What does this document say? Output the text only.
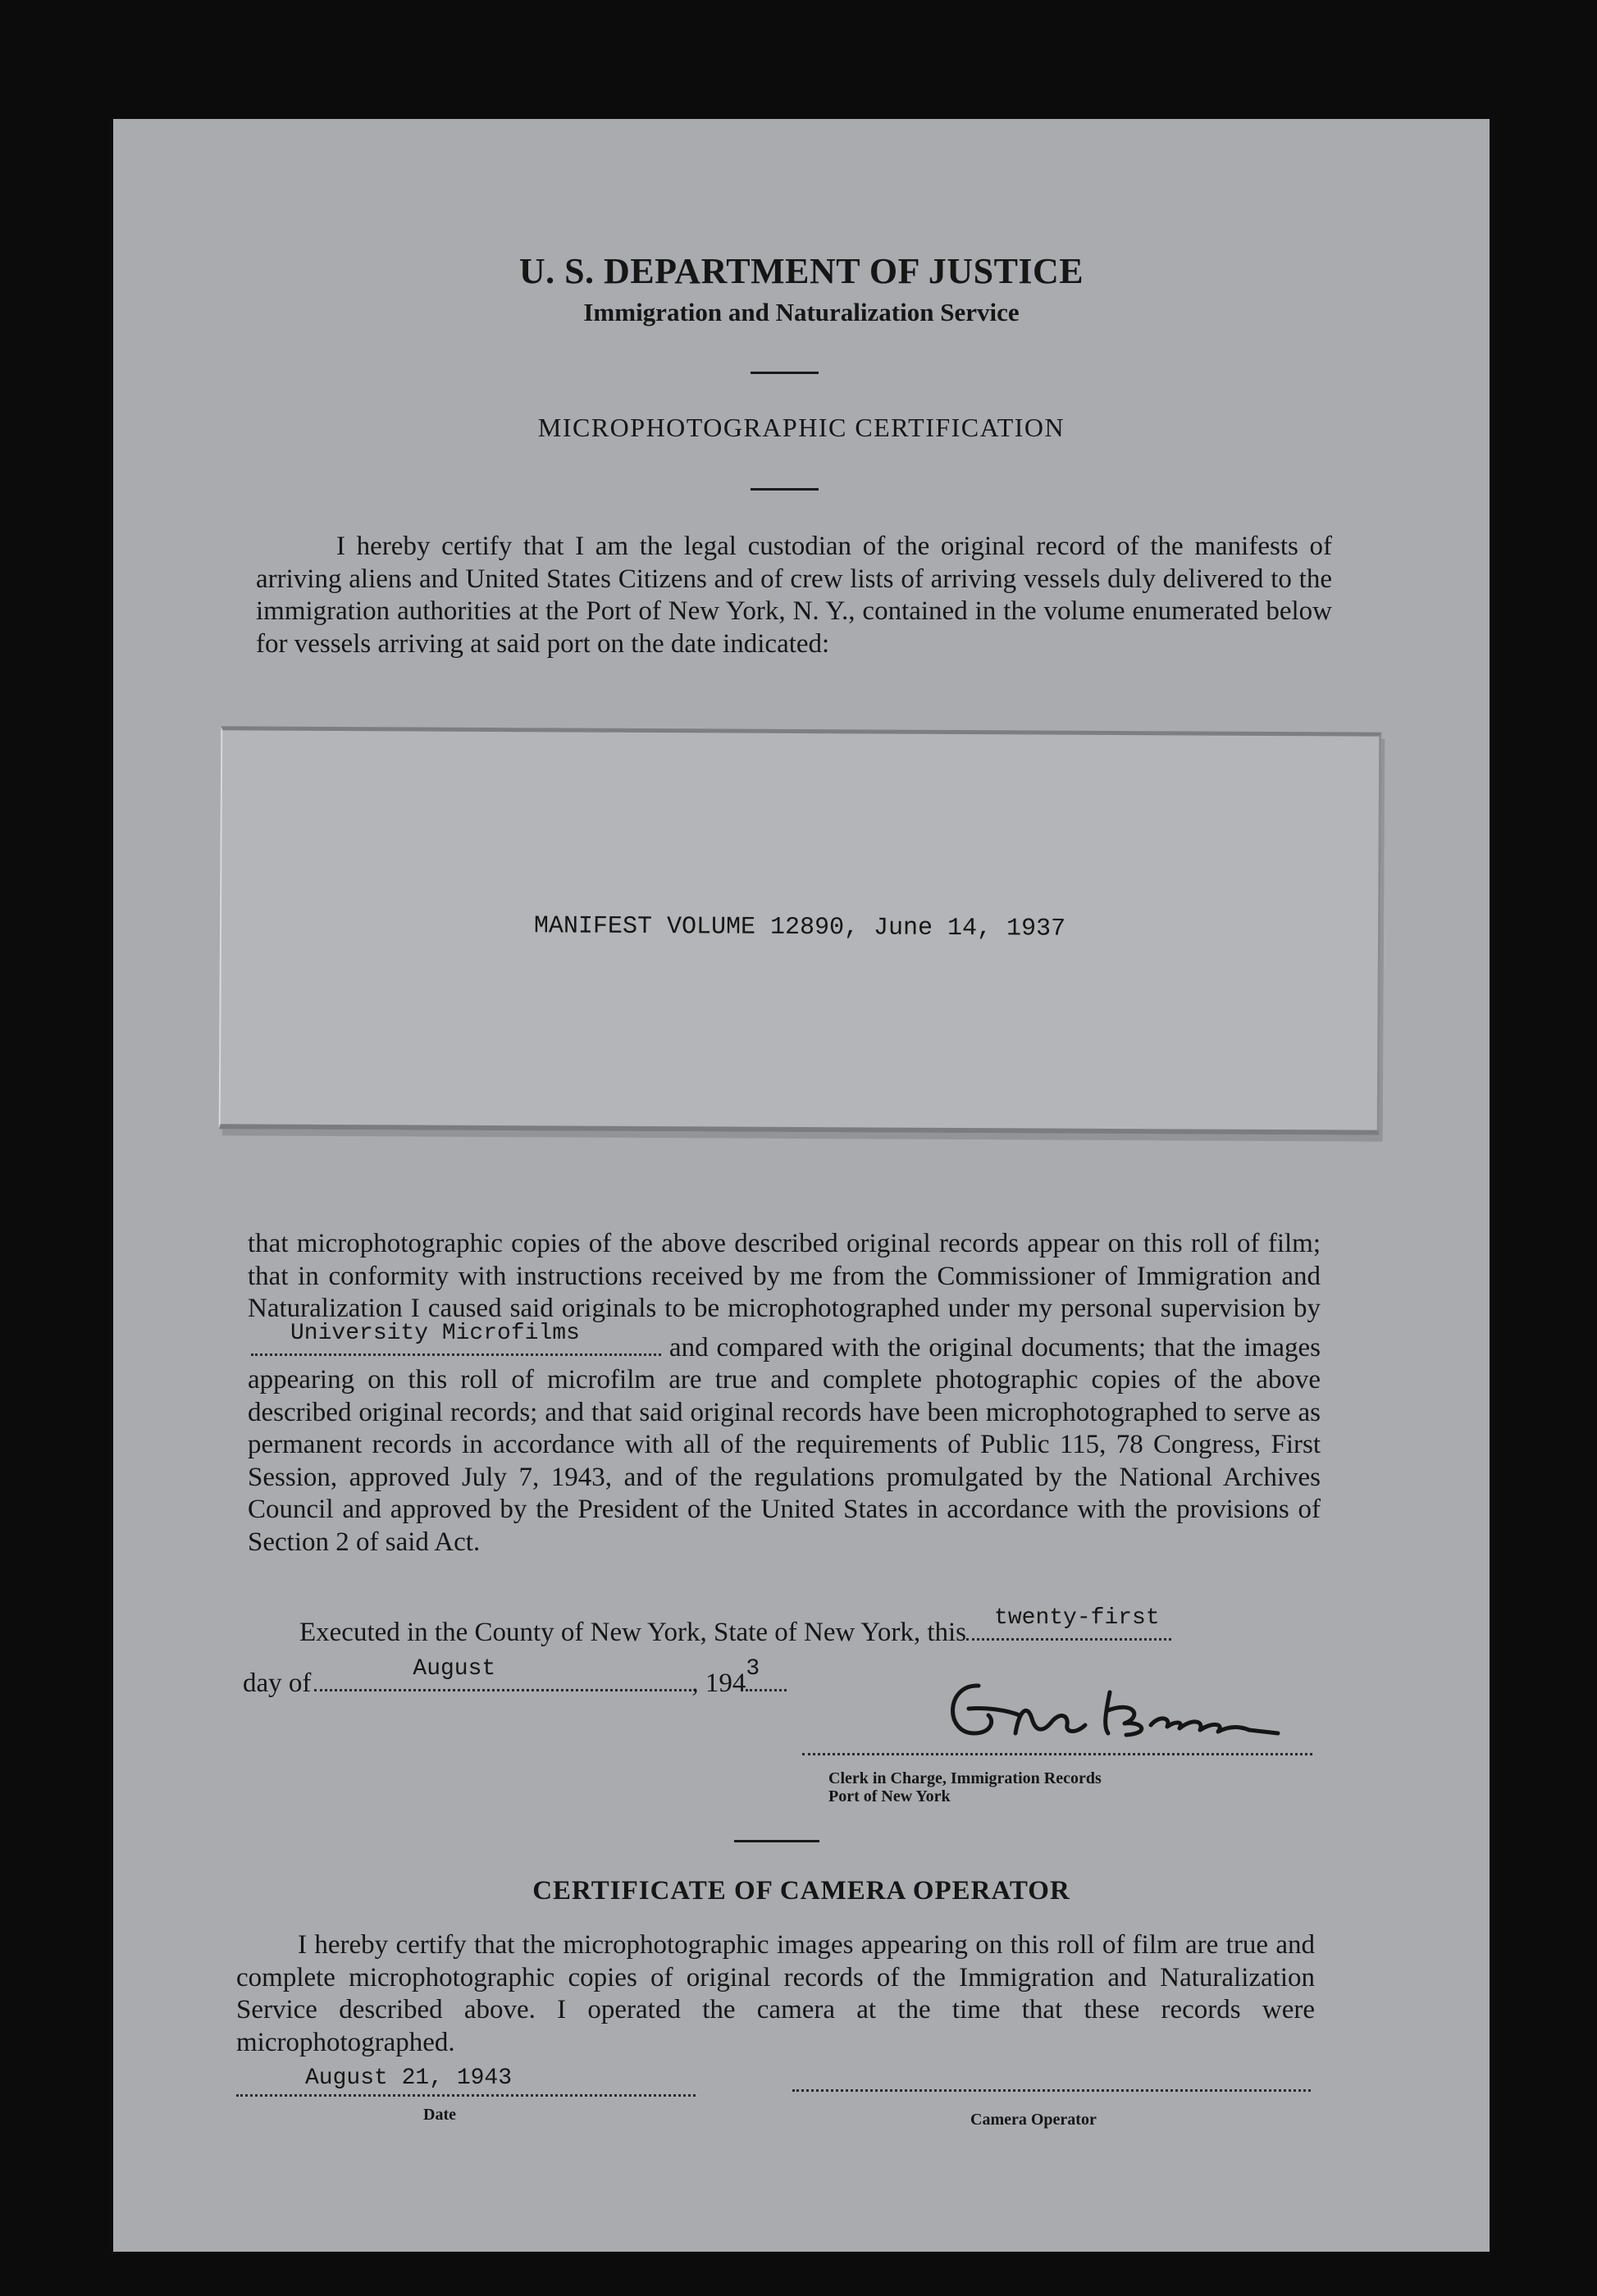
U. S. DEPARTMENT OF JUSTICE
Immigration and Naturalization Service
MICROPHOTOGRAPHIC CERTIFICATION

I hereby certify that I am the legal custodian of the original record of the manifests of arriving aliens and United States Citizens and of crew lists of arriving vessels duly delivered to the immigration authorities at the Port of New York, N. Y., contained in the volume enumerated below for vessels arriving at said port on the date indicated:

MANIFEST VOLUME 12890, June 14, 1937

that microphotographic copies of the above described original records appear on this roll of film; that in conformity with instructions received by me from the Commissioner of Immigration and Naturalization I caused said originals to be microphotographed under my personal supervision by
University Microfilms	and compared with the original documents; that the images appearing on this roll of microfilm are true and complete photographic copies of the above described original records; and that said original records have been microphotographed to serve as permanent records in accordance with all of the requirements of Public 115, 78 Congress, First Session, approved July 7, 1943, and of the regulations promulgated by the National Archives Council and approved by the President of the United States in accordance with the provisions of Section 2 of said Act.

Executed in the County of New York, State of New York, this twenty-first
day of	August	, 194 3
Clerk in Charge, Immigration Records
Port of New York
CERTIFICATE OF CAMERA OPERATOR

I hereby certify that the microphotographic images appearing on this roll of film are true and complete microphotographic copies of original records of the Immigration and Naturalization Service described above. I operated the camera at the time that these records were microphotographed.

August 21, 1943
Date	Camera Operator
